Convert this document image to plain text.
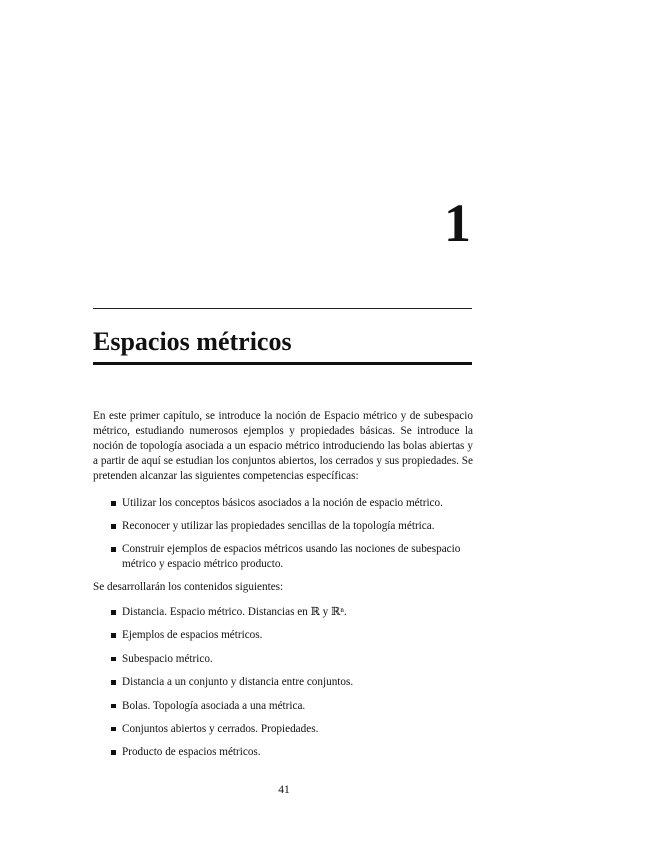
1
Espacios métricos

En este primer capítulo, se introduce la noción de Espacio métrico y de subespacio métrico, estudiando numerosos ejemplos y propiedades básicas. Se introduce la noción de topología asociada a un espacio métrico introduciendo las bolas abiertas y a partir de aquí se estudian los conjuntos abiertos, los cerrados y sus propiedades. Se pretenden alcanzar las siguientes competencias específicas:

Utilizar los conceptos básicos asociados a la noción de espacio métrico.
Reconocer y utilizar las propiedades sencillas de la topología métrica.
Construir ejemplos de espacios métricos usando las nociones de subespacio métrico y espacio métrico producto.

Se desarrollarán los contenidos siguientes:

Distancia. Espacio métrico. Distancias en ℝ y ℝⁿ.
Ejemplos de espacios métricos.
Subespacio métrico.
Distancia a un conjunto y distancia entre conjuntos.
Bolas. Topología asociada a una métrica.
Conjuntos abiertos y cerrados. Propiedades.
Producto de espacios métricos.
41
